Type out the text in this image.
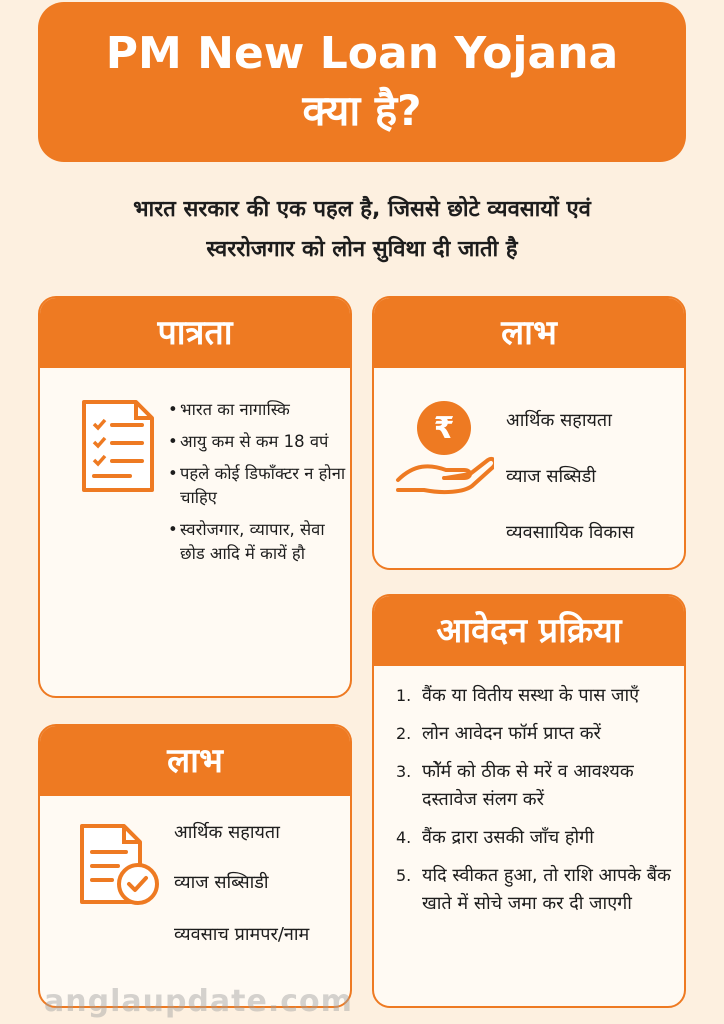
PM New Loan Yojana
क्या है?
भारत सरकार की एक पहल है, जिससे छोटे व्यवसायों एवं
स्वररोजगार को लोन सुविथा दी जाती है
पात्रता
• भारत का नागास्कि
• आयु कम से कम 18 वपं
• पहले कोई डिफाँक्टर न होना चाहिए
• स्वरोजगार, व्यापार, सेवा छोड आदि में कायें हौ
लाभ
₹	आर्थिक सहायता
व्याज सब्सिडी
व्यवसाायिक विकास
आवेदन प्रक्रिया
1. वैंक या वितीय सस्था के पास जाएँ
2. लोन आवेदन फॉर्म प्राप्त करें
3. फोॅर्म को ठीक से मरें व आवश्यक दस्तावेज संलग करें
4. वैंक द्रारा उसकी जाँच होगी
5. यदि स्वीकत हुआ, तो राशि आपके बैंक खाते में सोचे जमा कर दी जाएगी
लाभ
आर्थिक सहायता
व्याज सब्सिाडी
व्यवसाच प्रामपर/नाम
anglaupdate.com
